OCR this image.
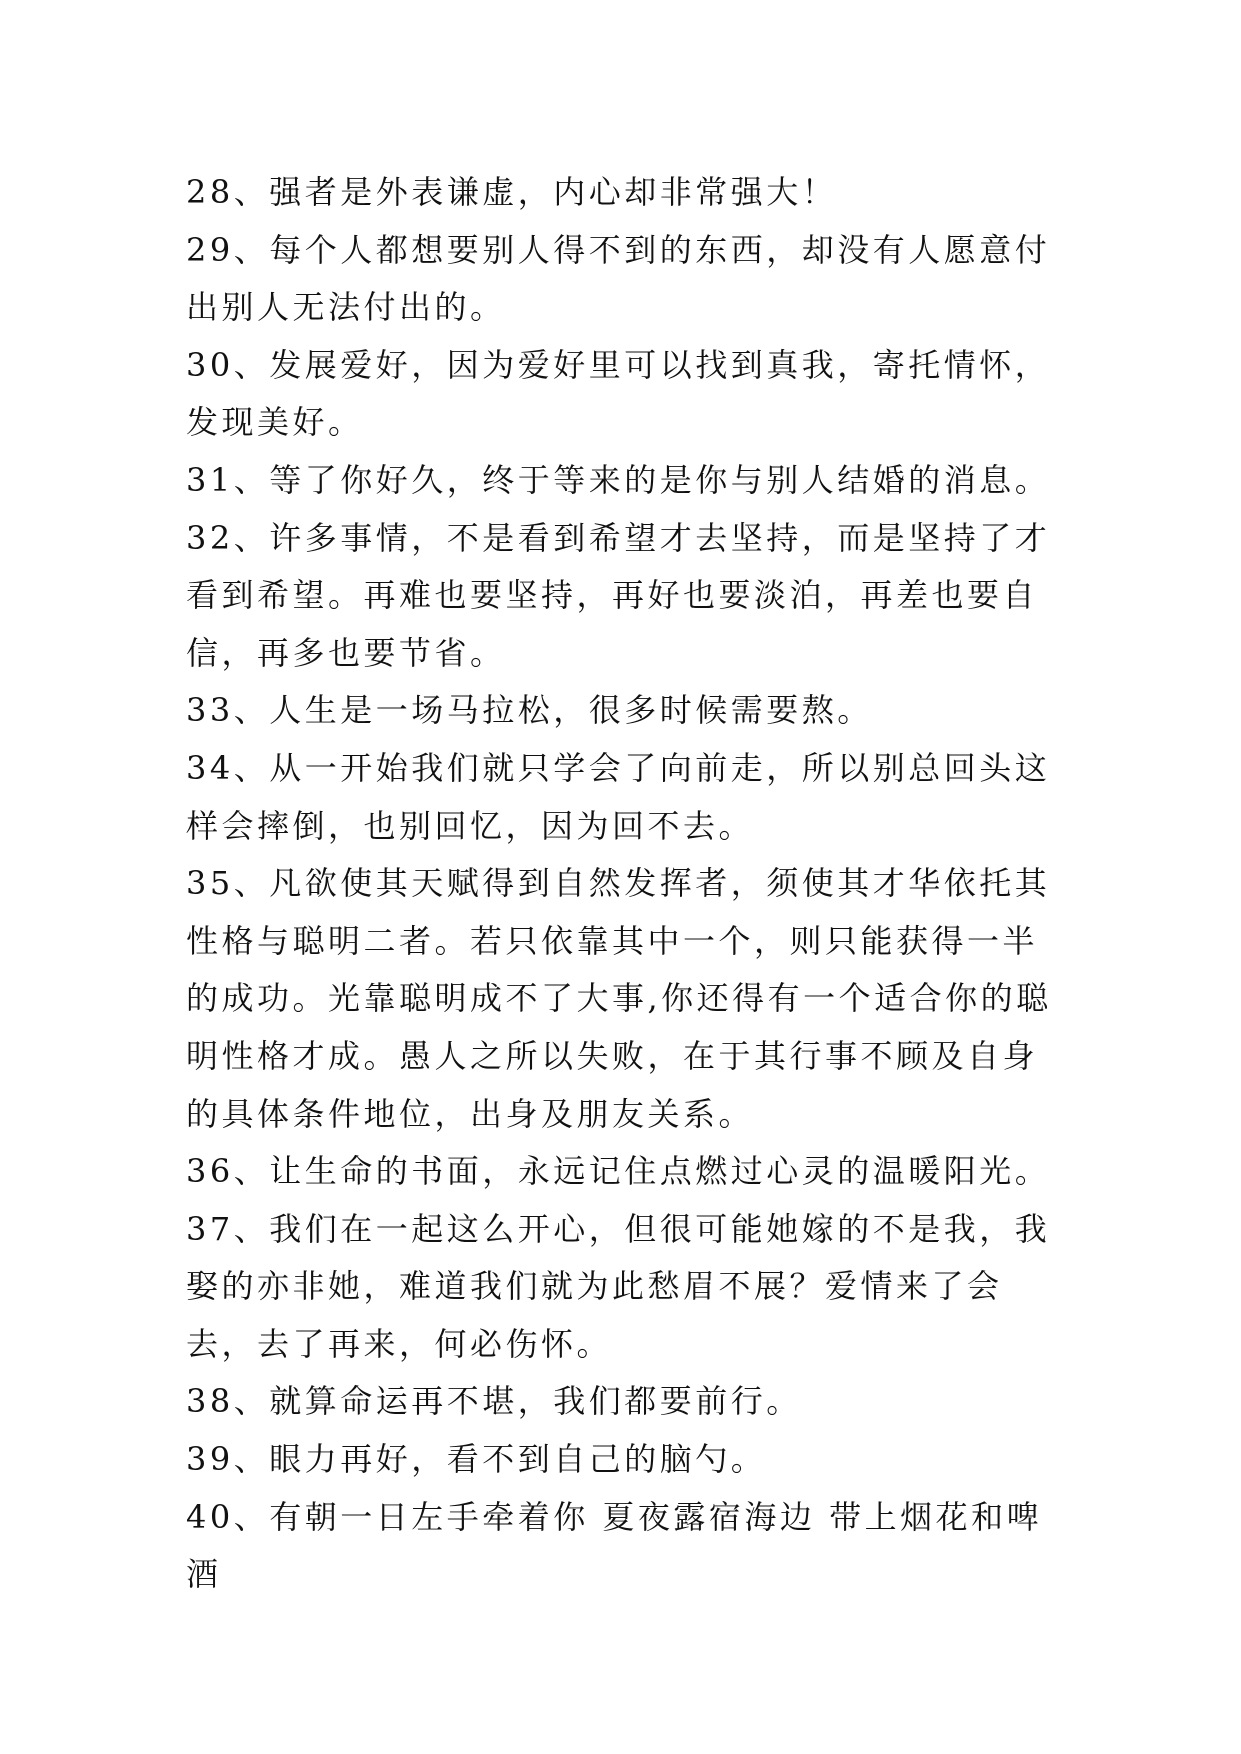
28、强者是外表谦虚，内心却非常强大！

29、每个人都想要别人得不到的东西，却没有人愿意付出别人无法付出的。

30、发展爱好，因为爱好里可以找到真我，寄托情怀，发现美好。

31、等了你好久，终于等来的是你与别人结婚的消息。

32、许多事情，不是看到希望才去坚持，而是坚持了才看到希望。再难也要坚持，再好也要淡泊，再差也要自信，再多也要节省。

33、人生是一场马拉松，很多时候需要熬。

34、从一开始我们就只学会了向前走，所以别总回头这样会摔倒，也别回忆，因为回不去。

35、凡欲使其天赋得到自然发挥者，须使其才华依托其性格与聪明二者。若只依靠其中一个，则只能获得一半的成功。光靠聪明成不了大事,你还得有一个适合你的聪明性格才成。愚人之所以失败，在于其行事不顾及自身的具体条件地位，出身及朋友关系。

36、让生命的书面，永远记住点燃过心灵的温暖阳光。

37、我们在一起这么开心，但很可能她嫁的不是我，我娶的亦非她，难道我们就为此愁眉不展？爱情来了会去，去了再来，何必伤怀。

38、就算命运再不堪，我们都要前行。

39、眼力再好，看不到自己的脑勺。

40、有朝一日左手牵着你 夏夜露宿海边 带上烟花和啤酒
